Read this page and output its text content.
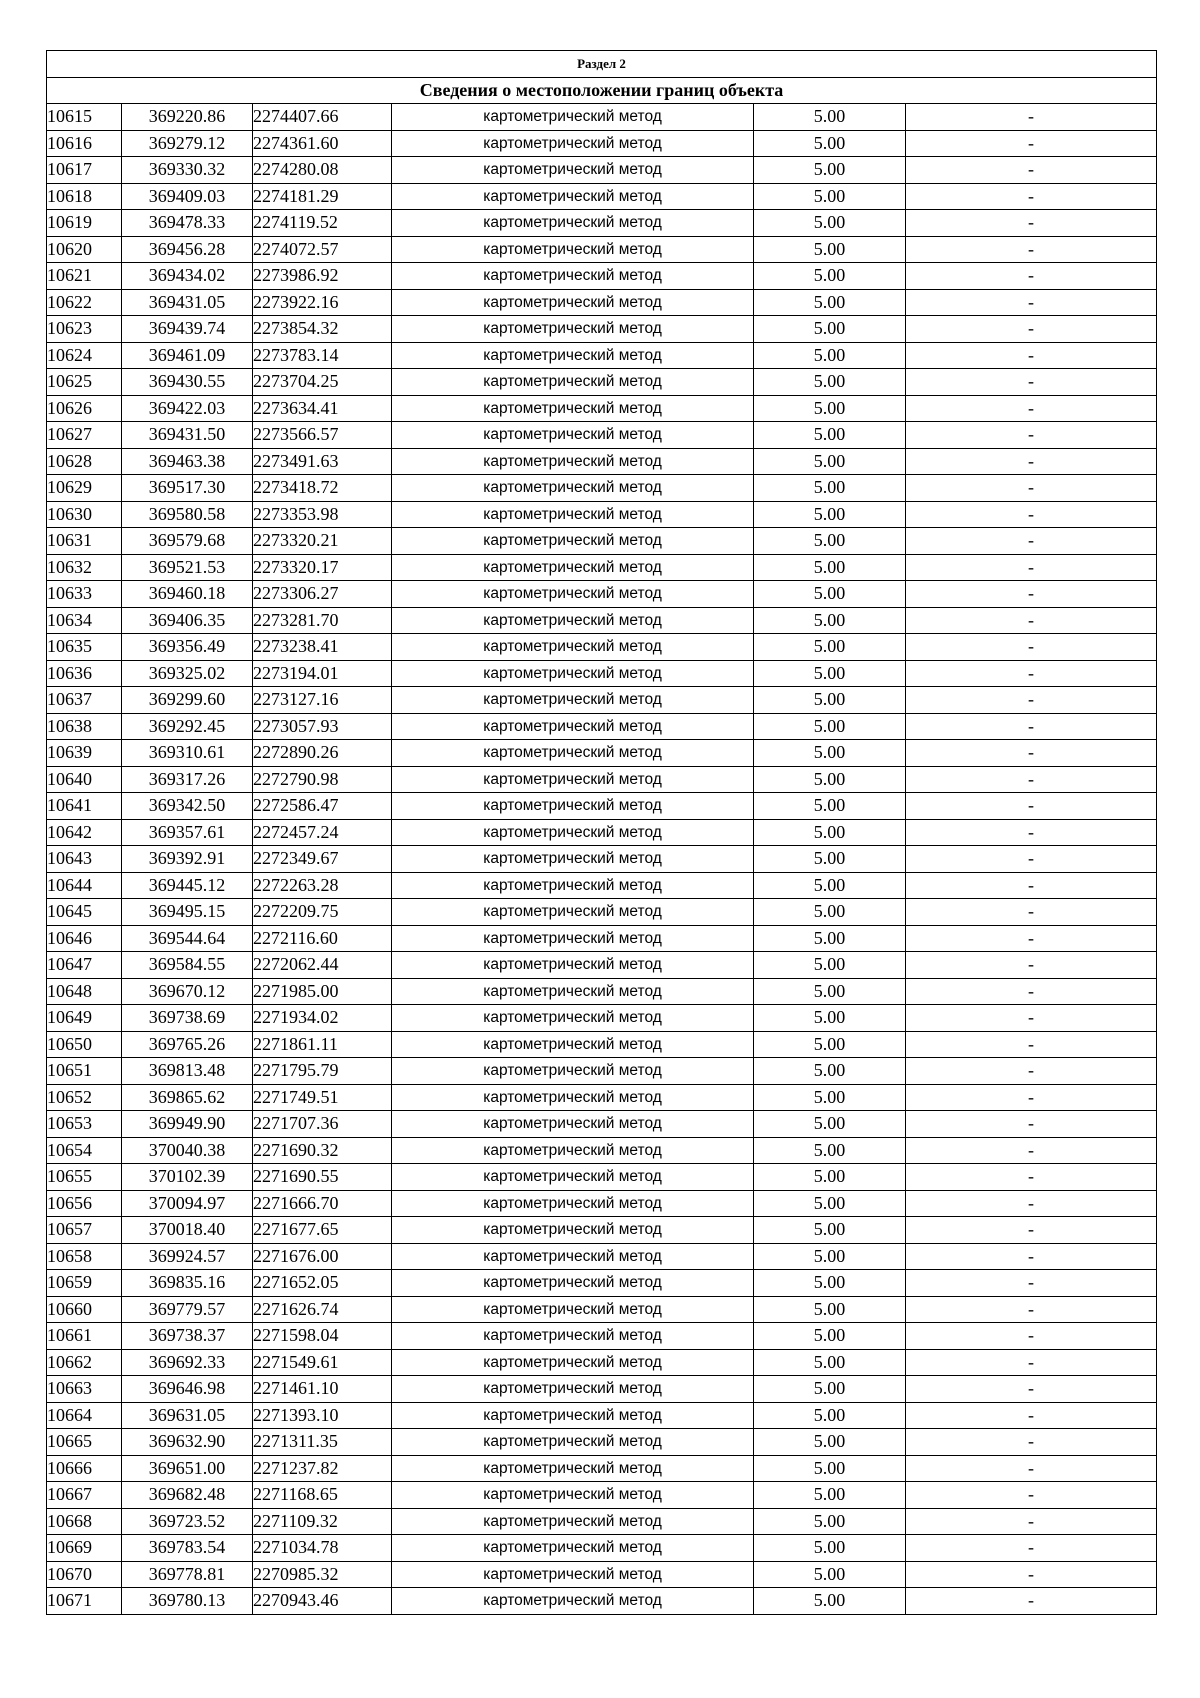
Раздел 2					
Сведения о местоположении границ объекта					
10615	369220.86	2274407.66	картометрический метод	5.00	-
10616	369279.12	2274361.60	картометрический метод	5.00	-
10617	369330.32	2274280.08	картометрический метод	5.00	-
10618	369409.03	2274181.29	картометрический метод	5.00	-
10619	369478.33	2274119.52	картометрический метод	5.00	-
10620	369456.28	2274072.57	картометрический метод	5.00	-
10621	369434.02	2273986.92	картометрический метод	5.00	-
10622	369431.05	2273922.16	картометрический метод	5.00	-
10623	369439.74	2273854.32	картометрический метод	5.00	-
10624	369461.09	2273783.14	картометрический метод	5.00	-
10625	369430.55	2273704.25	картометрический метод	5.00	-
10626	369422.03	2273634.41	картометрический метод	5.00	-
10627	369431.50	2273566.57	картометрический метод	5.00	-
10628	369463.38	2273491.63	картометрический метод	5.00	-
10629	369517.30	2273418.72	картометрический метод	5.00	-
10630	369580.58	2273353.98	картометрический метод	5.00	-
10631	369579.68	2273320.21	картометрический метод	5.00	-
10632	369521.53	2273320.17	картометрический метод	5.00	-
10633	369460.18	2273306.27	картометрический метод	5.00	-
10634	369406.35	2273281.70	картометрический метод	5.00	-
10635	369356.49	2273238.41	картометрический метод	5.00	-
10636	369325.02	2273194.01	картометрический метод	5.00	-
10637	369299.60	2273127.16	картометрический метод	5.00	-
10638	369292.45	2273057.93	картометрический метод	5.00	-
10639	369310.61	2272890.26	картометрический метод	5.00	-
10640	369317.26	2272790.98	картометрический метод	5.00	-
10641	369342.50	2272586.47	картометрический метод	5.00	-
10642	369357.61	2272457.24	картометрический метод	5.00	-
10643	369392.91	2272349.67	картометрический метод	5.00	-
10644	369445.12	2272263.28	картометрический метод	5.00	-
10645	369495.15	2272209.75	картометрический метод	5.00	-
10646	369544.64	2272116.60	картометрический метод	5.00	-
10647	369584.55	2272062.44	картометрический метод	5.00	-
10648	369670.12	2271985.00	картометрический метод	5.00	-
10649	369738.69	2271934.02	картометрический метод	5.00	-
10650	369765.26	2271861.11	картометрический метод	5.00	-
10651	369813.48	2271795.79	картометрический метод	5.00	-
10652	369865.62	2271749.51	картометрический метод	5.00	-
10653	369949.90	2271707.36	картометрический метод	5.00	-
10654	370040.38	2271690.32	картометрический метод	5.00	-
10655	370102.39	2271690.55	картометрический метод	5.00	-
10656	370094.97	2271666.70	картометрический метод	5.00	-
10657	370018.40	2271677.65	картометрический метод	5.00	-
10658	369924.57	2271676.00	картометрический метод	5.00	-
10659	369835.16	2271652.05	картометрический метод	5.00	-
10660	369779.57	2271626.74	картометрический метод	5.00	-
10661	369738.37	2271598.04	картометрический метод	5.00	-
10662	369692.33	2271549.61	картометрический метод	5.00	-
10663	369646.98	2271461.10	картометрический метод	5.00	-
10664	369631.05	2271393.10	картометрический метод	5.00	-
10665	369632.90	2271311.35	картометрический метод	5.00	-
10666	369651.00	2271237.82	картометрический метод	5.00	-
10667	369682.48	2271168.65	картометрический метод	5.00	-
10668	369723.52	2271109.32	картометрический метод	5.00	-
10669	369783.54	2271034.78	картометрический метод	5.00	-
10670	369778.81	2270985.32	картометрический метод	5.00	-
10671	369780.13	2270943.46	картометрический метод	5.00	-
